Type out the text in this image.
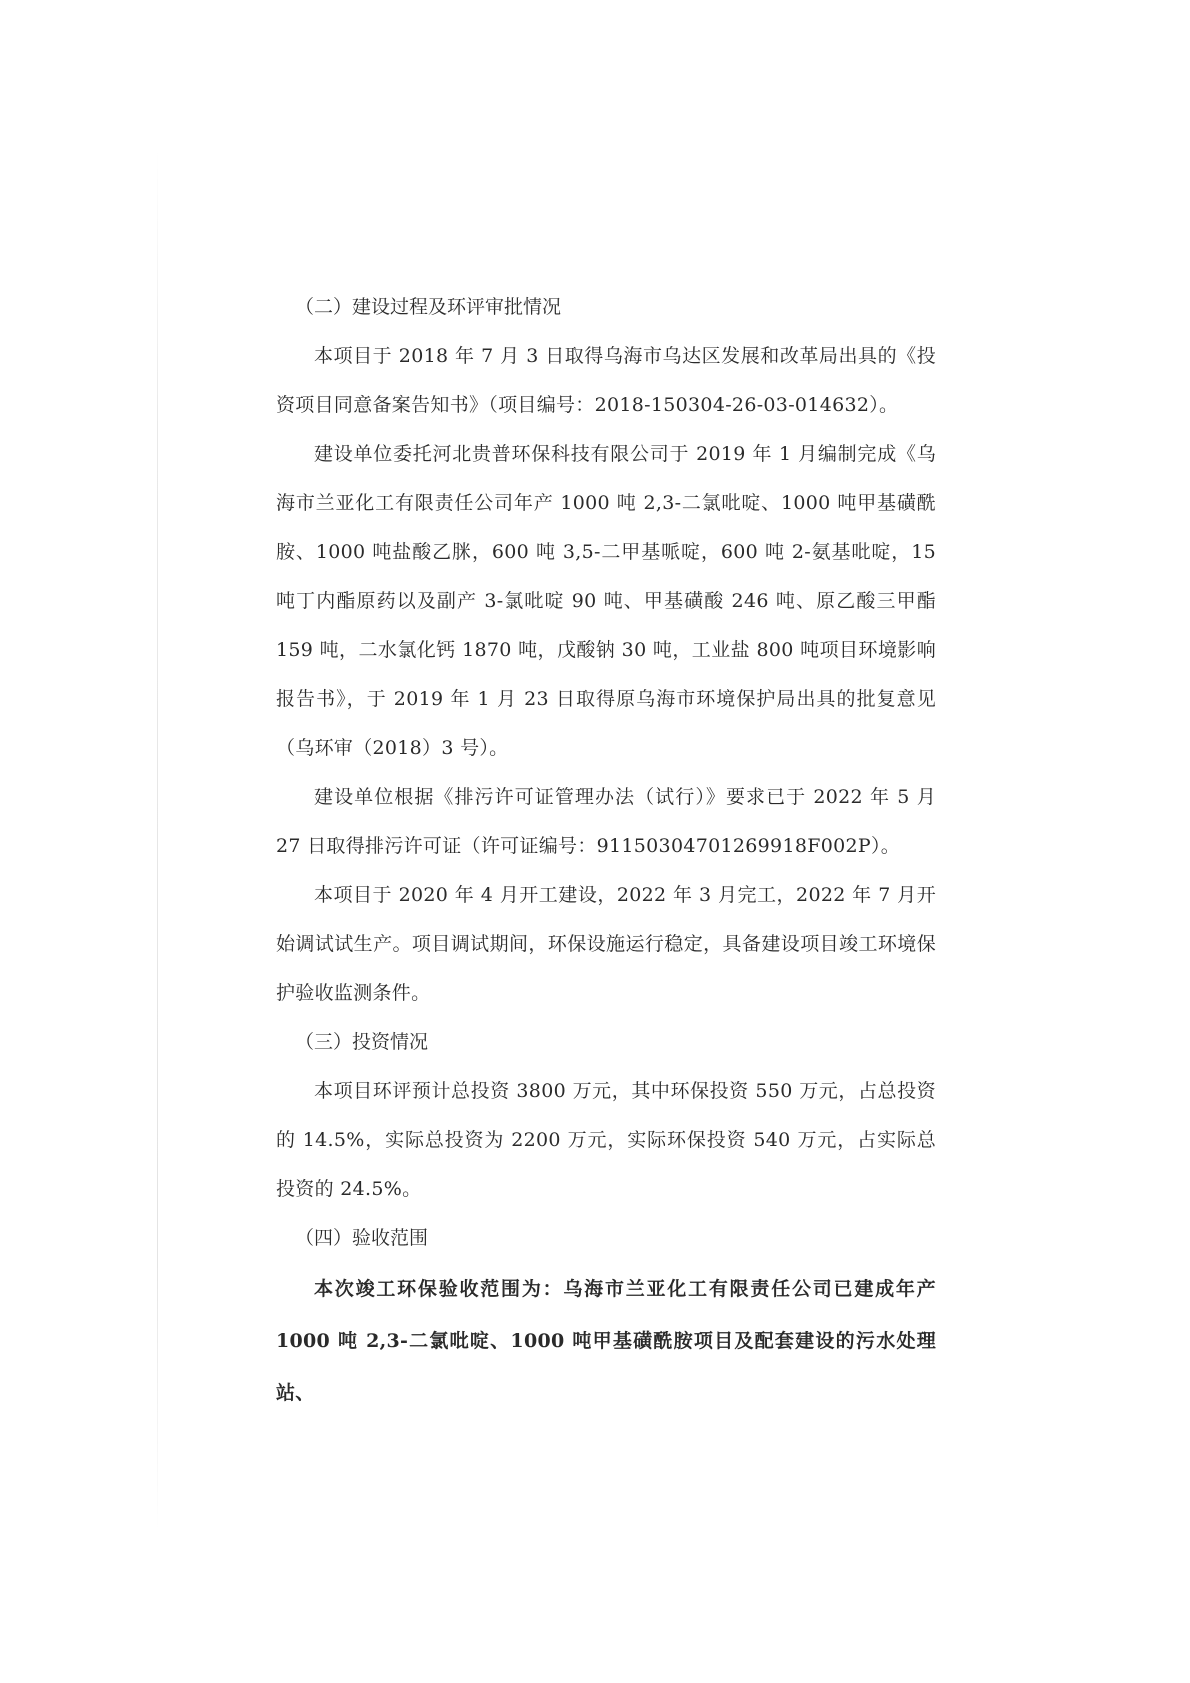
（二）建设过程及环评审批情况

本项目于 2018 年 7 月 3 日取得乌海市乌达区发展和改革局出具的《投资项目同意备案告知书》（项目编号：2018-150304-26-03-014632）。

建设单位委托河北贵普环保科技有限公司于 2019 年 1 月编制完成《乌海市兰亚化工有限责任公司年产 1000 吨 2,3-二氯吡啶、1000 吨甲基磺酰胺、1000 吨盐酸乙脒，600 吨 3,5-二甲基哌啶，600 吨 2-氨基吡啶，15 吨丁内酯原药以及副产 3-氯吡啶 90 吨、甲基磺酸 246 吨、原乙酸三甲酯 159 吨，二水氯化钙 1870 吨，戊酸钠 30 吨，工业盐 800 吨项目环境影响报告书》，于 2019 年 1 月 23 日取得原乌海市环境保护局出具的批复意见（乌环审（2018）3 号）。

建设单位根据《排污许可证管理办法（试行）》要求已于 2022 年 5 月 27 日取得排污许可证（许可证编号：91150304701269918F002P）。

本项目于 2020 年 4 月开工建设，2022 年 3 月完工，2022 年 7 月开始调试试生产。项目调试期间，环保设施运行稳定，具备建设项目竣工环境保护验收监测条件。

（三）投资情况

本项目环评预计总投资 3800 万元，其中环保投资 550 万元，占总投资的 14.5%，实际总投资为 2200 万元，实际环保投资 540 万元，占实际总投资的 24.5%。

（四）验收范围

本次竣工环保验收范围为：乌海市兰亚化工有限责任公司已建成年产 1000 吨 2,3-二氯吡啶、1000 吨甲基磺酰胺项目及配套建设的污水处理站、
